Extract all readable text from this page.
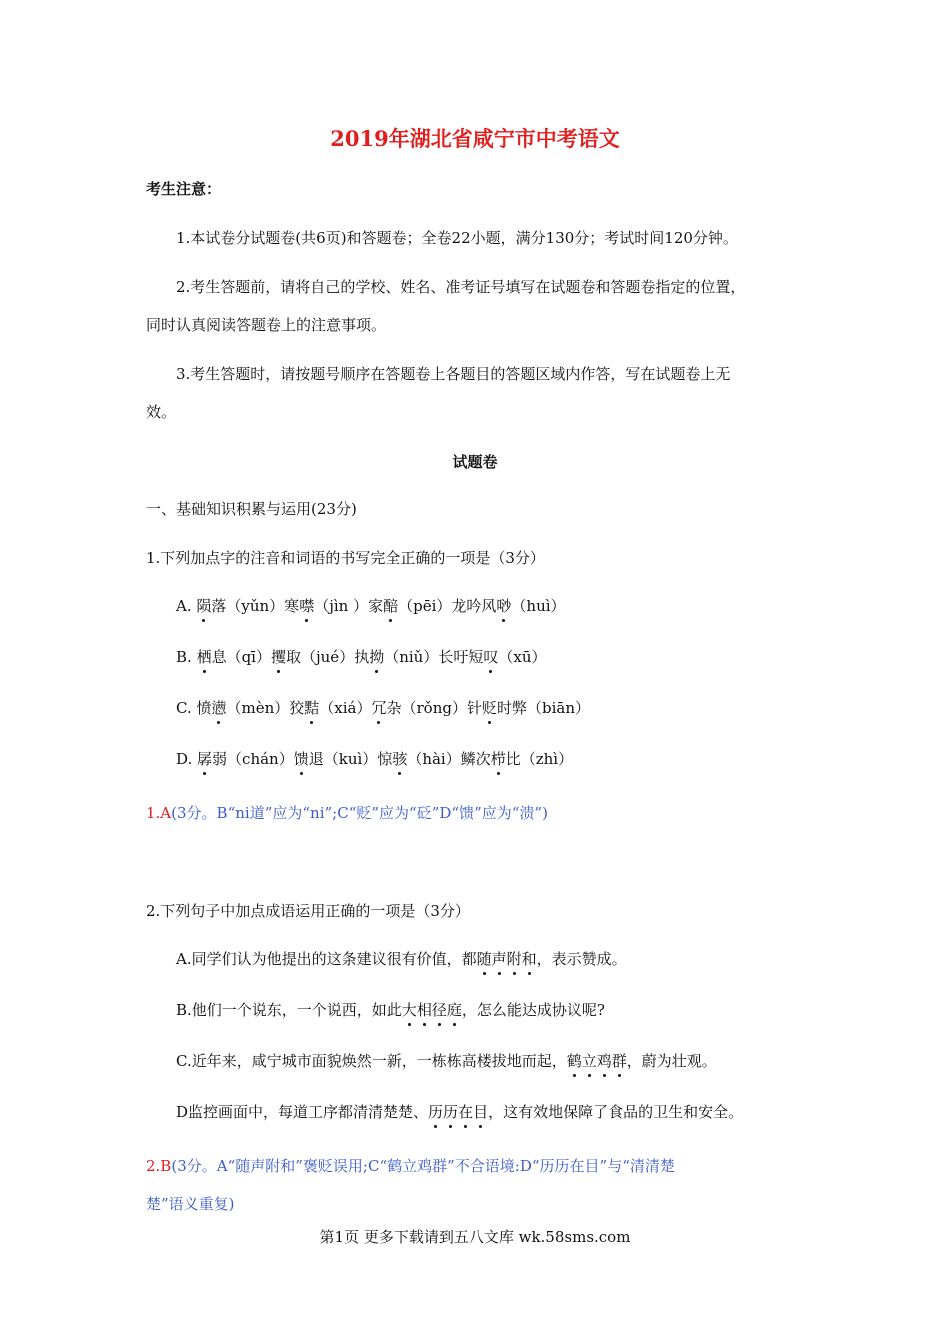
2019年湖北省咸宁市中考语文
考生注意：
1.本试卷分试题卷(共6页)和答题卷；全卷22小题，满分130分；考试时间120分钟。
2.考生答题前，请将自己的学校、姓名、准考证号填写在试题卷和答题卷指定的位置，
同时认真阅读答题卷上的注意事项。
3.考生答题时，请按题号顺序在答题卷上各题目的答题区域内作答，写在试题卷上无
效。
试题卷
一、基础知识积累与运用(23分)
1.下列加点字的注音和词语的书写完全正确的一项是（3分）
A. 陨落（yǔn）寒噤（jìn ）家醅（pēi）龙吟风唦（huì）
B. 栖息（qī）攫取（jué）执拗（niǔ）长吁短叹（xū）
C. 愤懑（mèn）狡黠（xiá）冗杂（rǒng）针贬时弊（biān）
D. 孱弱（chán）馈退（kuì）惊骇（hài）鳞次栉比（zhì）
1.A(3分。B“ni道”应为“ni”;C“贬”应为“砭”D“馈”应为“溃”)
2.下列句子中加点成语运用正确的一项是（3分）
A.同学们认为他提出的这条建议很有价值，都随声附和，表示赞成。
B.他们一个说东，一个说西，如此大相径庭，怎么能达成协议呢?
C.近年来，咸宁城市面貌焕然一新，一栋栋高楼拔地而起，鹤立鸡群，蔚为壮观。
D监控画面中，每道工序都清清楚楚、历历在目，这有效地保障了食品的卫生和安全。
2.B(3分。A“随声附和”褒贬误用;C“鹤立鸡群”不合语境:D“历历在目”与“清清楚
楚”语义重复)
第1页 更多下载请到五八文库 wk.58sms.com
